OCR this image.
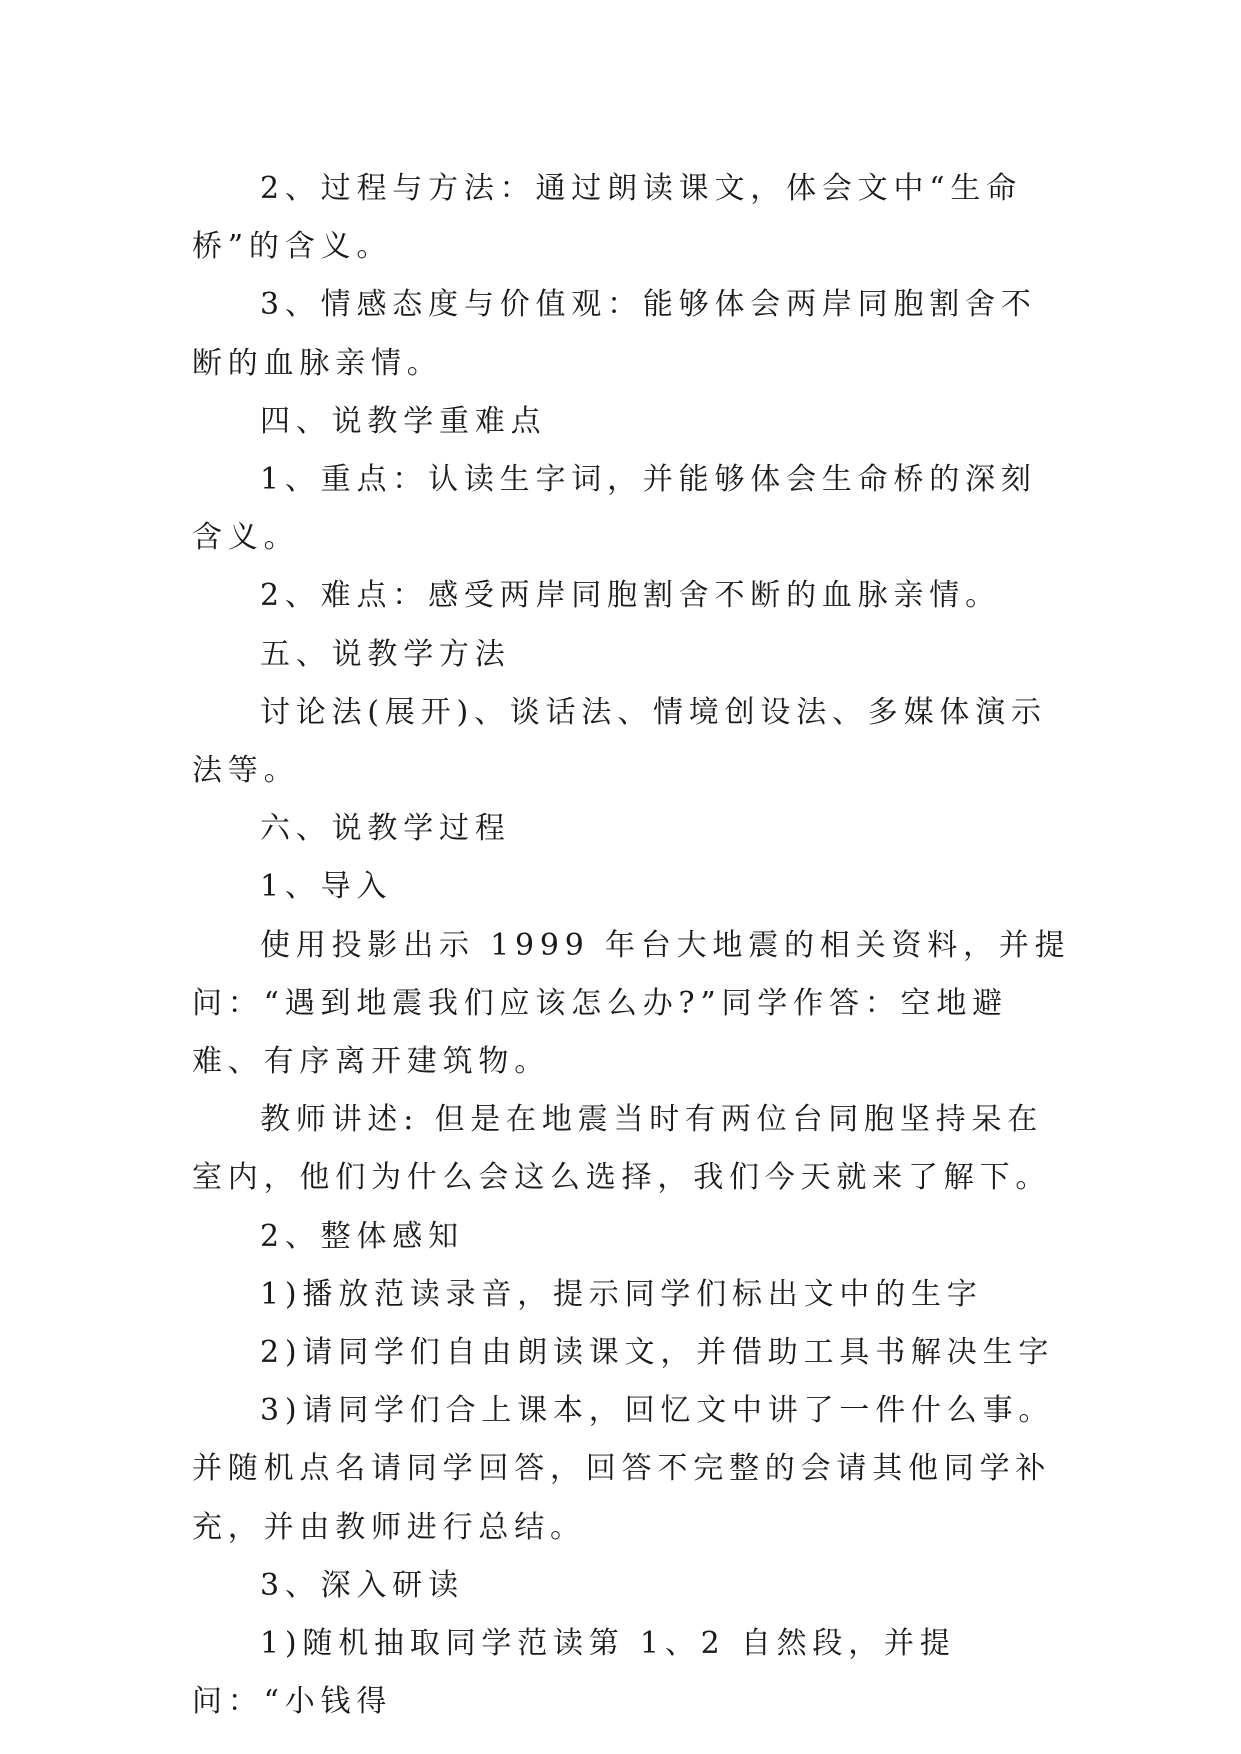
2、过程与方法：通过朗读课文，体会文中“生命桥”的含义。

3、情感态度与价值观：能够体会两岸同胞割舍不断的血脉亲情。

四、说教学重难点

1、重点：认读生字词，并能够体会生命桥的深刻含义。

2、难点：感受两岸同胞割舍不断的血脉亲情。

五、说教学方法

讨论法(展开)、谈话法、情境创设法、多媒体演示法等。

六、说教学过程

1、导入

使用投影出示 1999 年台大地震的相关资料，并提问：“遇到地震我们应该怎么办?”同学作答：空地避难、有序离开建筑物。

教师讲述: 但是在地震当时有两位台同胞坚持呆在室内，他们为什么会这么选择，我们今天就来了解下。

2、整体感知

1)播放范读录音，提示同学们标出文中的生字

2)请同学们自由朗读课文，并借助工具书解决生字

3)请同学们合上课本，回忆文中讲了一件什么事。并随机点名请同学回答，回答不完整的会请其他同学补充，并由教师进行总结。

3、深入研读

1)随机抽取同学范读第 1、2 自然段，并提问：“小钱得
